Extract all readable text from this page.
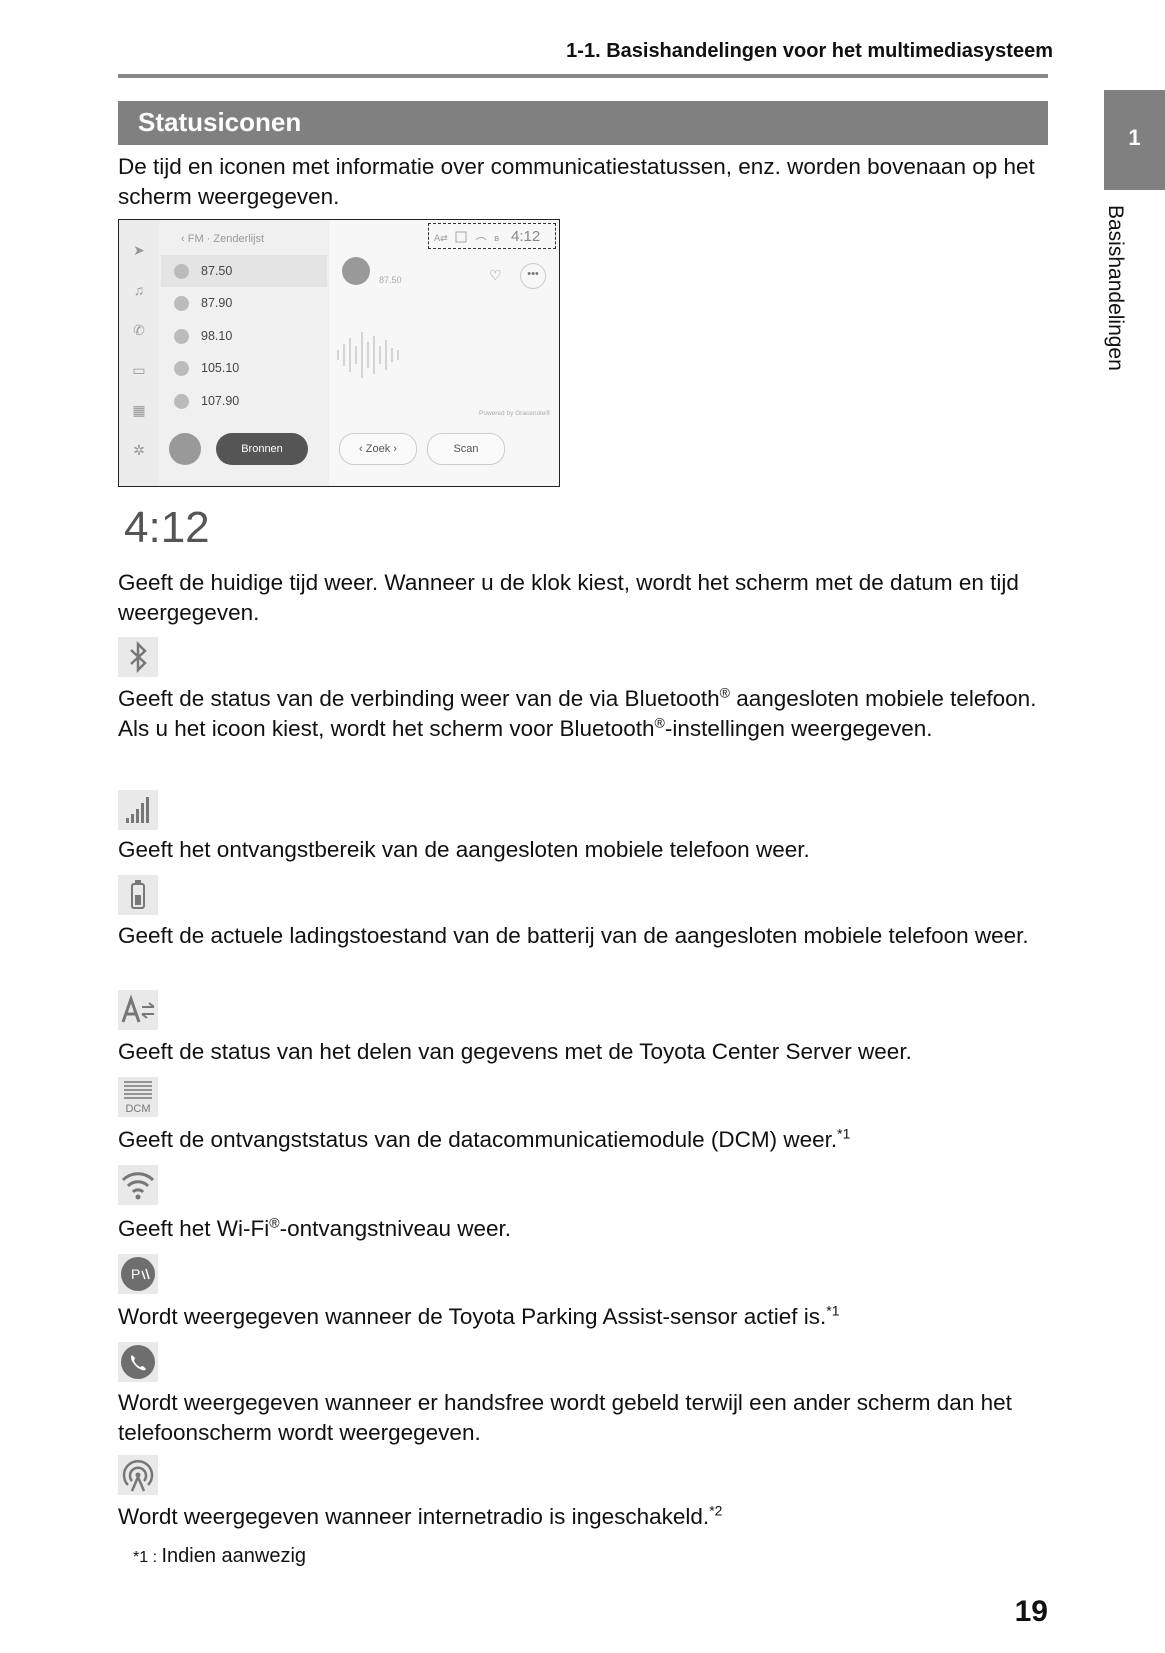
1-1. Basishandelingen voor het multimediasysteem
1
Basishandelingen
Statusiconen
De tijd en iconen met informatie over communicatiestatussen, enz. worden bovenaan op het scherm weergegeven.
➤
♫
✆
▭
▦
✲
‹ FM · Zenderlijst
87.50
87.90
98.10
105.10
107.90
Bronnen
87.50	♡	•••
Powered by Gracenote®
‹ Zoek ›	Scan
A⇄	ʙ 4:12
4:12
Geeft de huidige tijd weer. Wanneer u de klok kiest, wordt het scherm met de datum en tijd weergegeven.
Geeft de status van de verbinding weer van de via Bluetooth® aangesloten mobiele telefoon. Als u het icoon kiest, wordt het scherm voor Bluetooth®-instellingen weergegeven.
Geeft het ontvangstbereik van de aangesloten mobiele telefoon weer.
Geeft de actuele ladingstoestand van de batterij van de aangesloten mobiele telefoon weer.
Geeft de status van het delen van gegevens met de Toyota Center Server weer.
DCM
Geeft de ontvangststatus van de datacommunicatiemodule (DCM) weer.$^{*1}$
Geeft het Wi-Fi®-ontvangstniveau weer.
P
Wordt weergegeven wanneer de Toyota Parking Assist-sensor actief is.$^{*1}$
Wordt weergegeven wanneer er handsfree wordt gebeld terwijl een ander scherm dan het telefoonscherm wordt weergegeven.
Wordt weergegeven wanneer internetradio is ingeschakeld.$^{*2}$
*1 : Indien aanwezig
19
